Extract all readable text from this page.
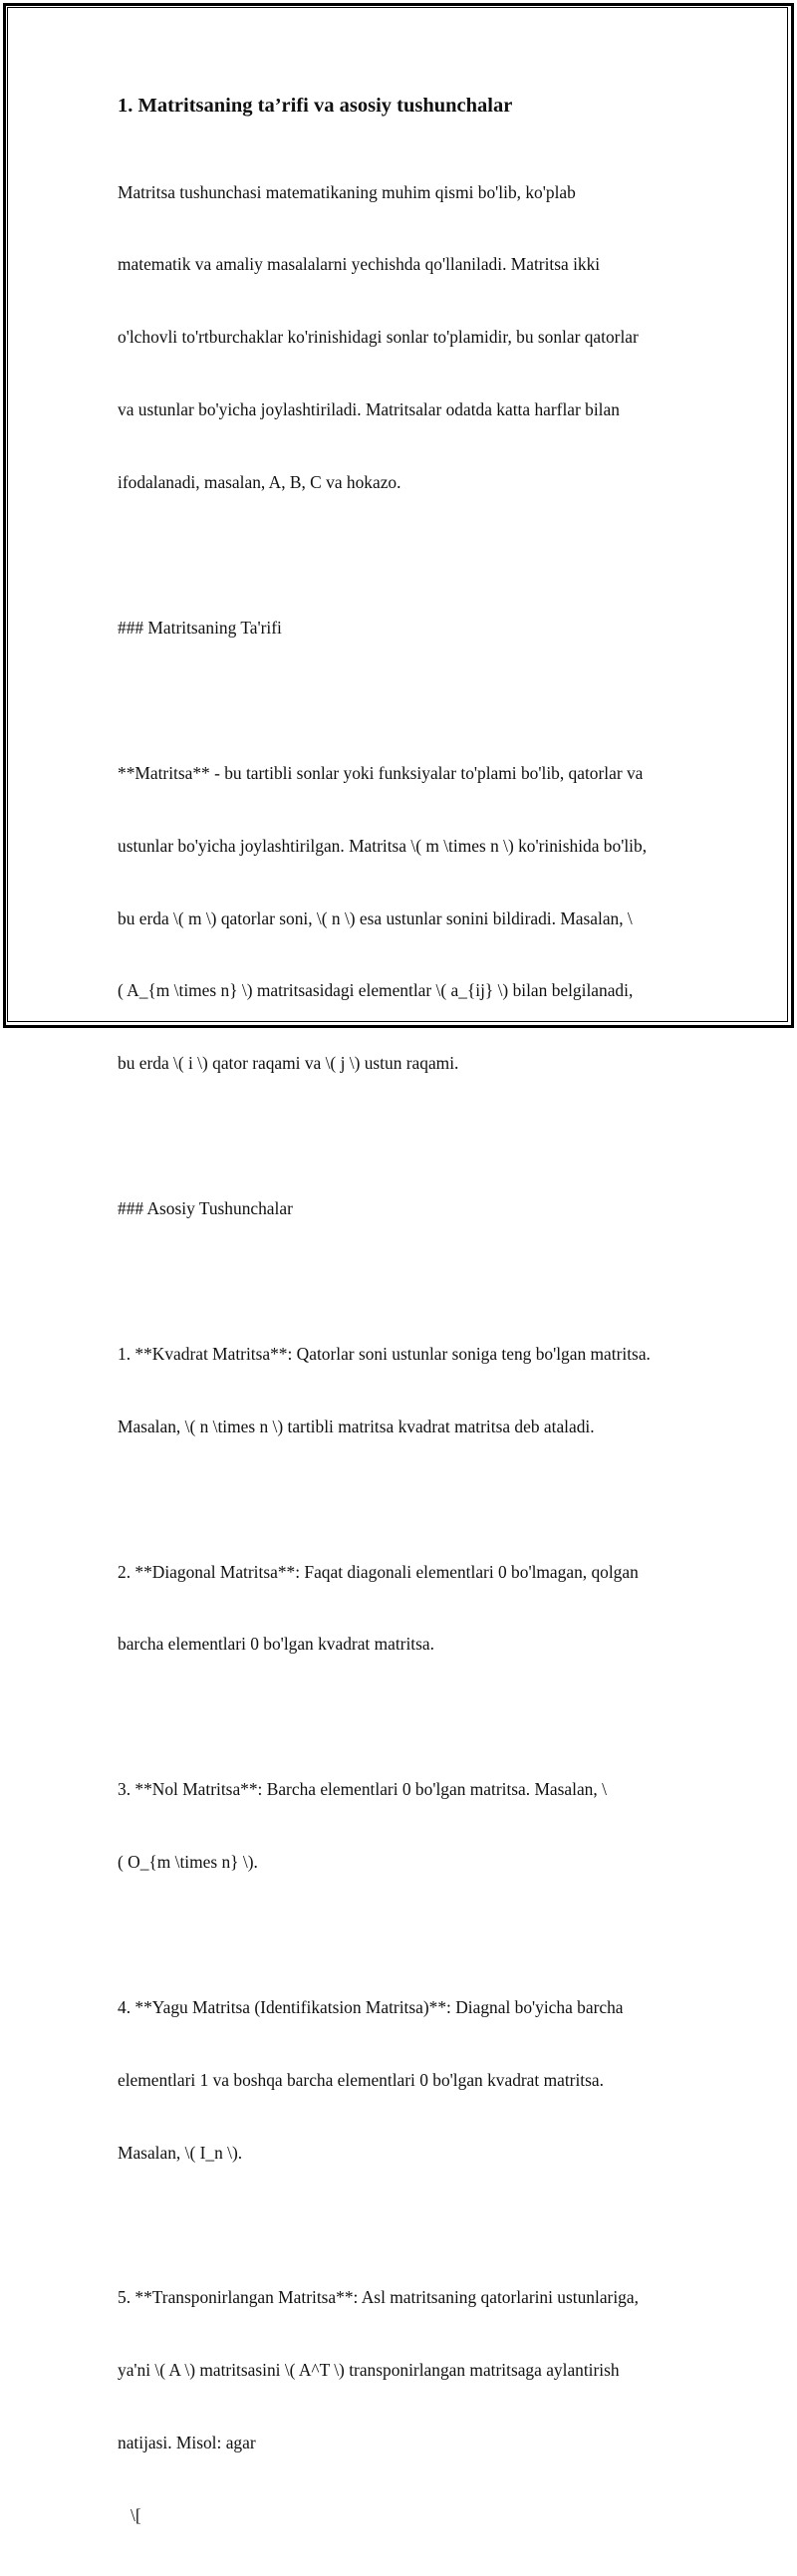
1. Matritsaning ta’rifi va asosiy tushunchalar

Matritsa tushunchasi matematikaning muhim qismi bo'lib, ko'plab

matematik va amaliy masalalarni yechishda qo'llaniladi. Matritsa ikki

o'lchovli to'rtburchaklar ko'rinishidagi sonlar to'plamidir, bu sonlar qatorlar

va ustunlar bo'yicha joylashtiriladi. Matritsalar odatda katta harflar bilan

ifodalanadi, masalan, A, B, C va hokazo.

### Matritsaning Ta'rifi

**Matritsa** - bu tartibli sonlar yoki funksiyalar to'plami bo'lib, qatorlar va

ustunlar bo'yicha joylashtirilgan. Matritsa \( m \times n \) ko'rinishida bo'lib,

bu erda \( m \) qatorlar soni, \( n \) esa ustunlar sonini bildiradi. Masalan, \

( A_{m \times n} \) matritsasidagi elementlar \( a_{ij} \) bilan belgilanadi,

bu erda \( i \) qator raqami va \( j \) ustun raqami.

### Asosiy Tushunchalar

1. **Kvadrat Matritsa**: Qatorlar soni ustunlar soniga teng bo'lgan matritsa.

Masalan, \( n \times n \) tartibli matritsa kvadrat matritsa deb ataladi.

2. **Diagonal Matritsa**: Faqat diagonali elementlari 0 bo'lmagan, qolgan

barcha elementlari 0 bo'lgan kvadrat matritsa.

3. **Nol Matritsa**: Barcha elementlari 0 bo'lgan matritsa. Masalan, \

( O_{m \times n} \).

4. **Yagu Matritsa (Identifikatsion Matritsa)**: Diagnal bo'yicha barcha

elementlari 1 va boshqa barcha elementlari 0 bo'lgan kvadrat matritsa.

Masalan, \( I_n \).

5. **Transponirlangan Matritsa**: Asl matritsaning qatorlarini ustunlariga,

ya'ni \( A \) matritsasini \( A^T \) transponirlangan matritsaga aylantirish

natijasi. Misol: agar

\[
